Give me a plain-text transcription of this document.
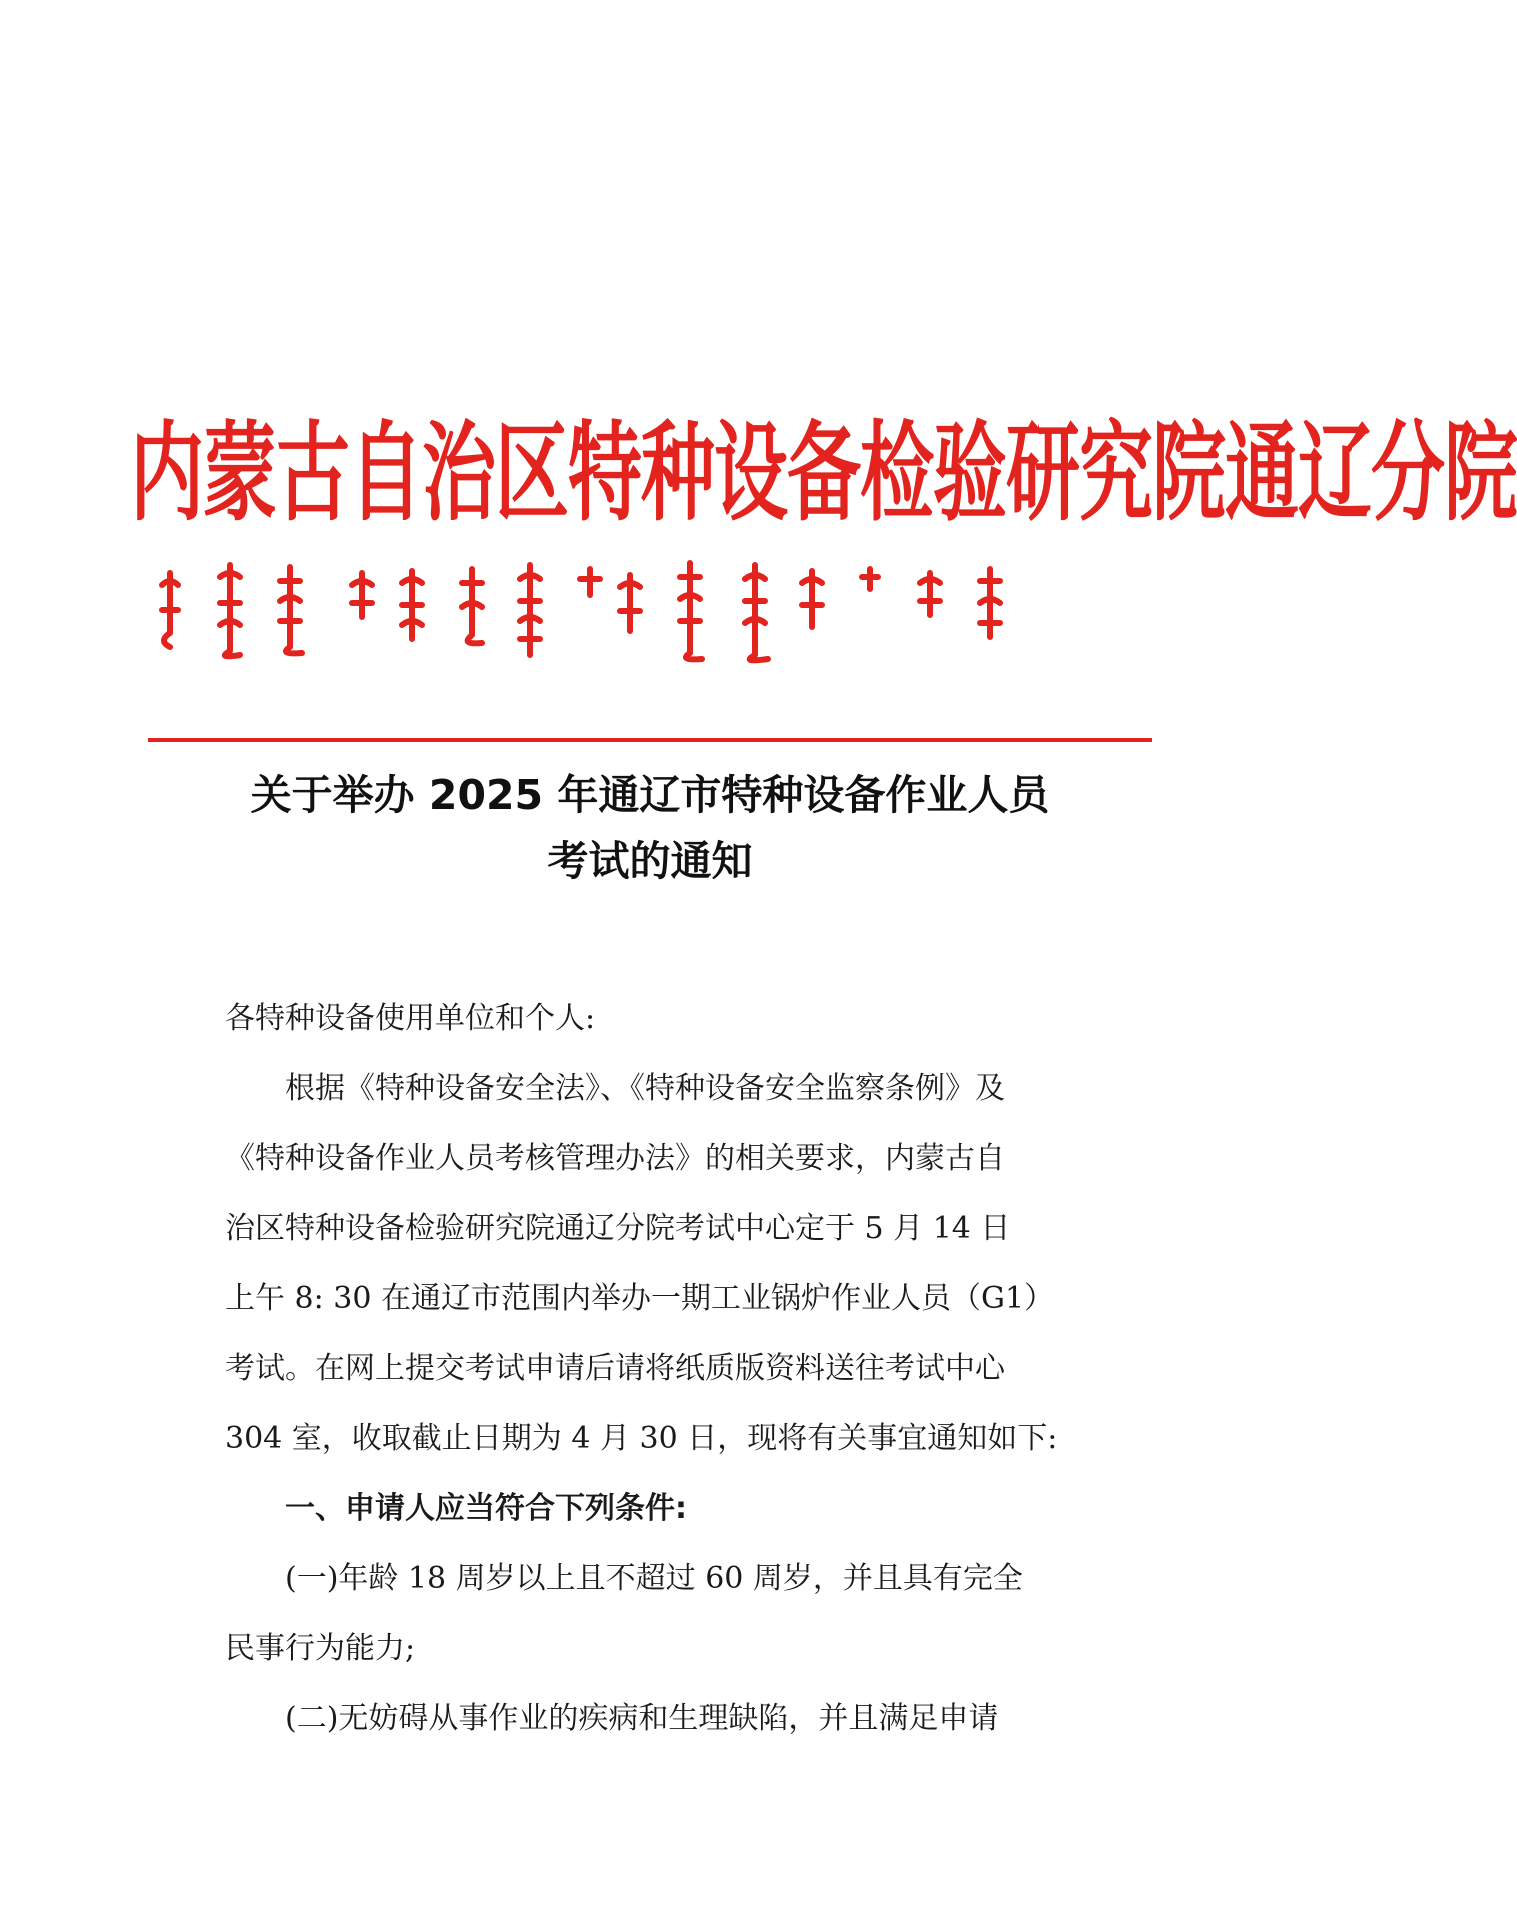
内蒙古自治区特种设备检验研究院通辽分院
关于举办 2025 年通辽市特种设备作业人员
考试的通知

各特种设备使用单位和个人:

根据《特种设备安全法》、《特种设备安全监察条例》及
《特种设备作业人员考核管理办法》的相关要求，内蒙古自
治区特种设备检验研究院通辽分院考试中心定于 5 月 14 日
上午 8: 30 在通辽市范围内举办一期工业锅炉作业人员（G1）
考试。在网上提交考试申请后请将纸质版资料送往考试中心
304 室，收取截止日期为 4 月 30 日，现将有关事宜通知如下:

一、申请人应当符合下列条件:

(一)年龄 18 周岁以上且不超过 60 周岁，并且具有完全
民事行为能力;

(二)无妨碍从事作业的疾病和生理缺陷，并且满足申请
